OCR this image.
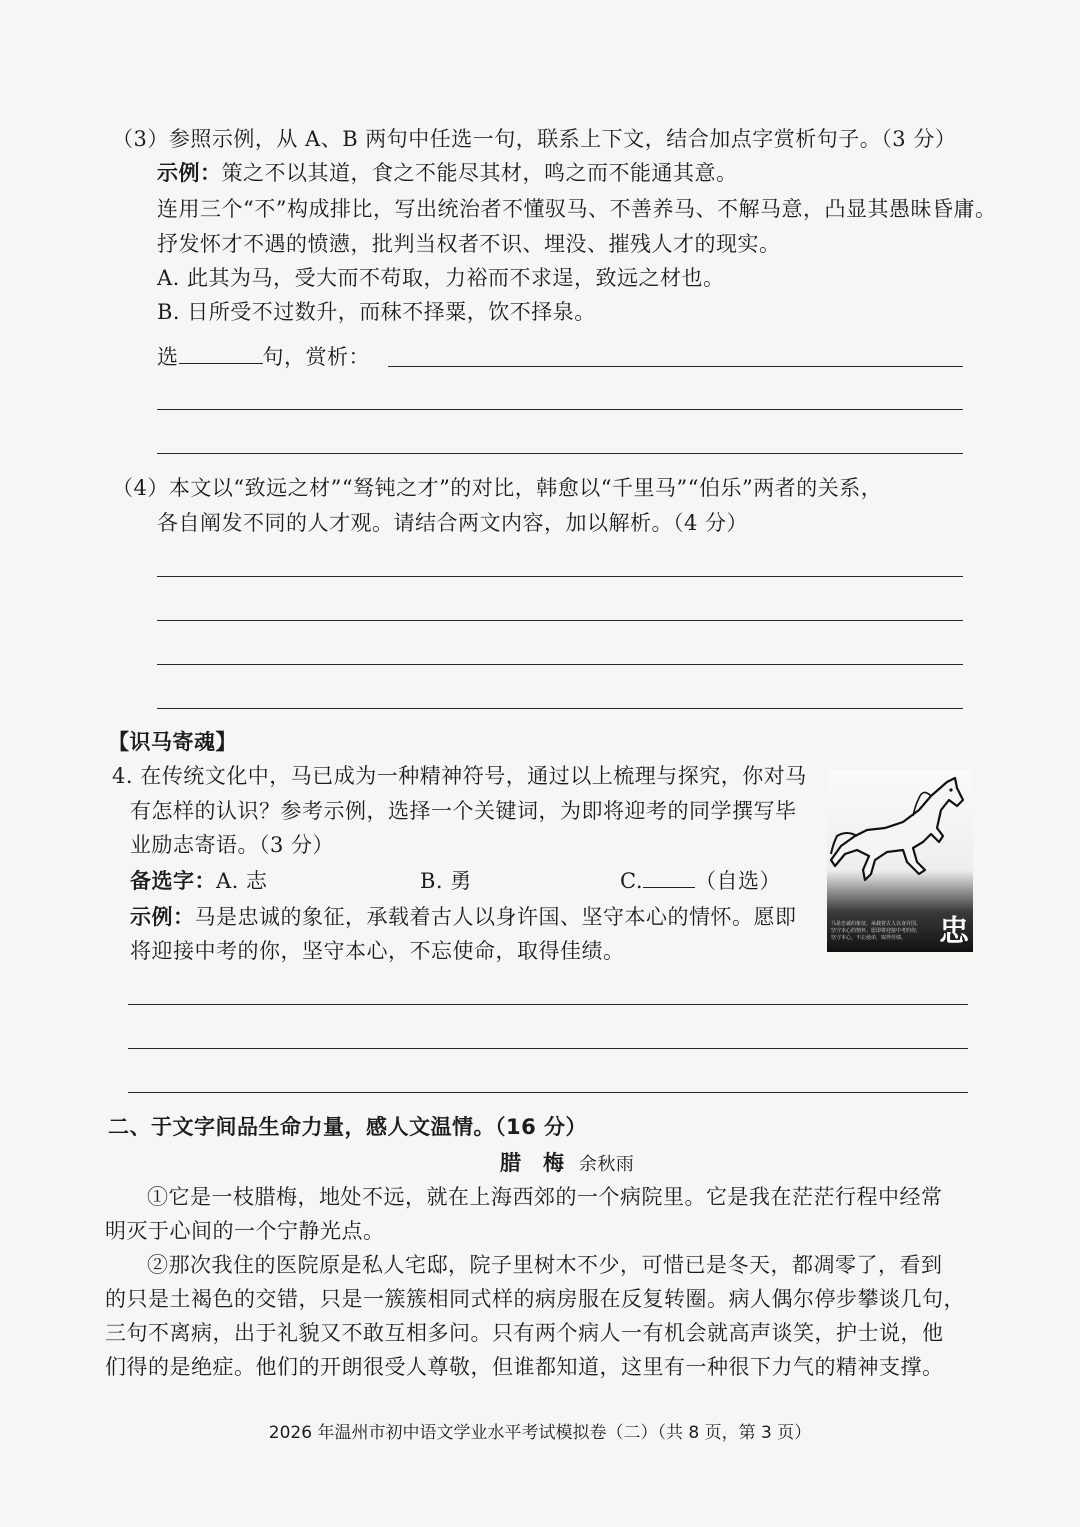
（3）参照示例，从 A、B 两句中任选一句，联系上下文，结合加点字赏析句子。（3 分）
示例：策之不以其道，食之不能尽其材，鸣之而不能通其意。
连用三个“不”构成排比，写出统治者不懂驭马、不善养马、不解马意，凸显其愚昧昏庸。
抒发怀才不遇的愤懑，批判当权者不识、埋没、摧残人才的现实。
A. 此其为马，受大而不苟取，力裕而不求逞，致远之材也。
B. 日所受不过数升，而秣不择粟，饮不择泉。
选	句，赏析：
（4）本文以“致远之材”“驽钝之才”的对比，韩愈以“千里马”“伯乐”两者的关系，
各自阐发不同的人才观。请结合两文内容，加以解析。（4 分）
【识马寄魂】
4. 在传统文化中，马已成为一种精神符号，通过以上梳理与探究，你对马
有怎样的认识？参考示例，选择一个关键词，为即将迎考的同学撰写毕
业励志寄语。（3 分）
备选字：A. 志	B. 勇	C. （自选）
示例：马是忠诚的象征，承载着古人以身许国、坚守本心的情怀。愿即
将迎接中考的你，坚守本心，不忘使命，取得佳绩。
马是忠诚的象征，承载着古人以身许国、坚守本心的情怀。愿即将迎接中考的你，坚守本心，不忘使命，取得佳绩。	忠
二、于文字间品生命力量，感人文温情。（16 分）
腊　梅 余秋雨
①它是一枝腊梅，地处不远，就在上海西郊的一个病院里。它是我在茫茫行程中经常
明灭于心间的一个宁静光点。
②那次我住的医院原是私人宅邸，院子里树木不少，可惜已是冬天，都凋零了，看到
的只是土褐色的交错，只是一簇簇相同式样的病房服在反复转圈。病人偶尔停步攀谈几句，
三句不离病，出于礼貌又不敢互相多问。只有两个病人一有机会就高声谈笑，护士说，他
们得的是绝症。他们的开朗很受人尊敬，但谁都知道，这里有一种很下力气的精神支撑。
2026 年温州市初中语文学业水平考试模拟卷（二）（共 8 页，第 3 页）
